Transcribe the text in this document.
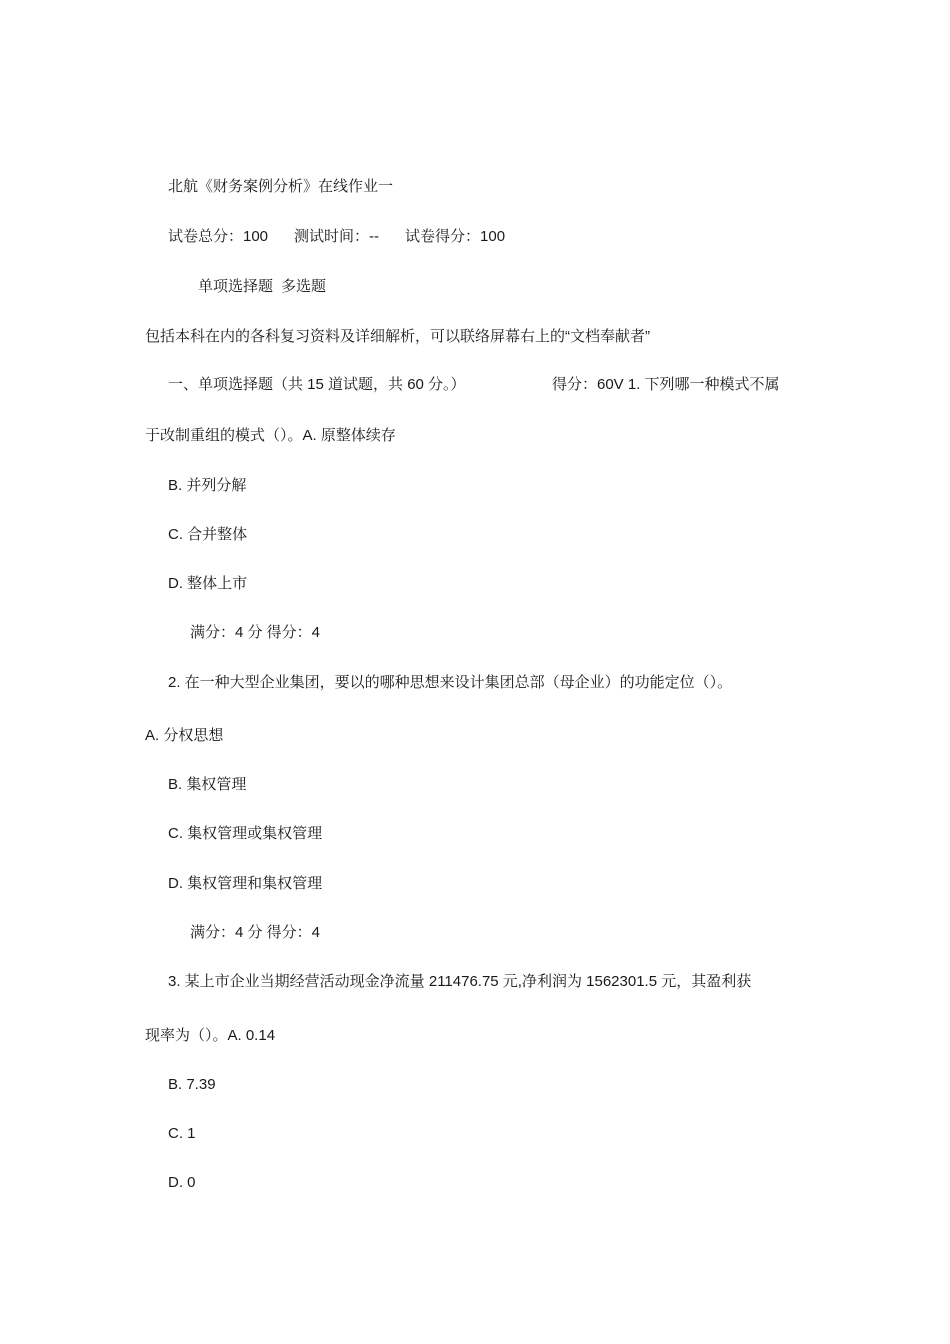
北航《财务案例分析》在线作业一
试卷总分：100 测试时间：-- 试卷得分：100
单项选择题 多选题
包括本科在内的各科复习资料及详细解析，可以联络屏幕右上的“文档奉献者”
一、单项选择题（共 15 道试题，共 60 分。）	得分：60V 1. 下列哪一种模式不属
于改制重组的模式（）。A. 原整体续存
B. 并列分解
C. 合并整体
D. 整体上市
满分：4 分 得分：4
2. 在一种大型企业集团，要以的哪种思想来设计集团总部（母企业）的功能定位（）。
A. 分权思想
B. 集权管理
C. 集权管理或集权管理
D. 集权管理和集权管理
满分：4 分 得分：4
3. 某上市企业当期经营活动现金净流量 211476.75 元,净利润为 1562301.5 元，其盈利获
现率为（）。A. 0.14
B. 7.39
C. 1
D. 0
